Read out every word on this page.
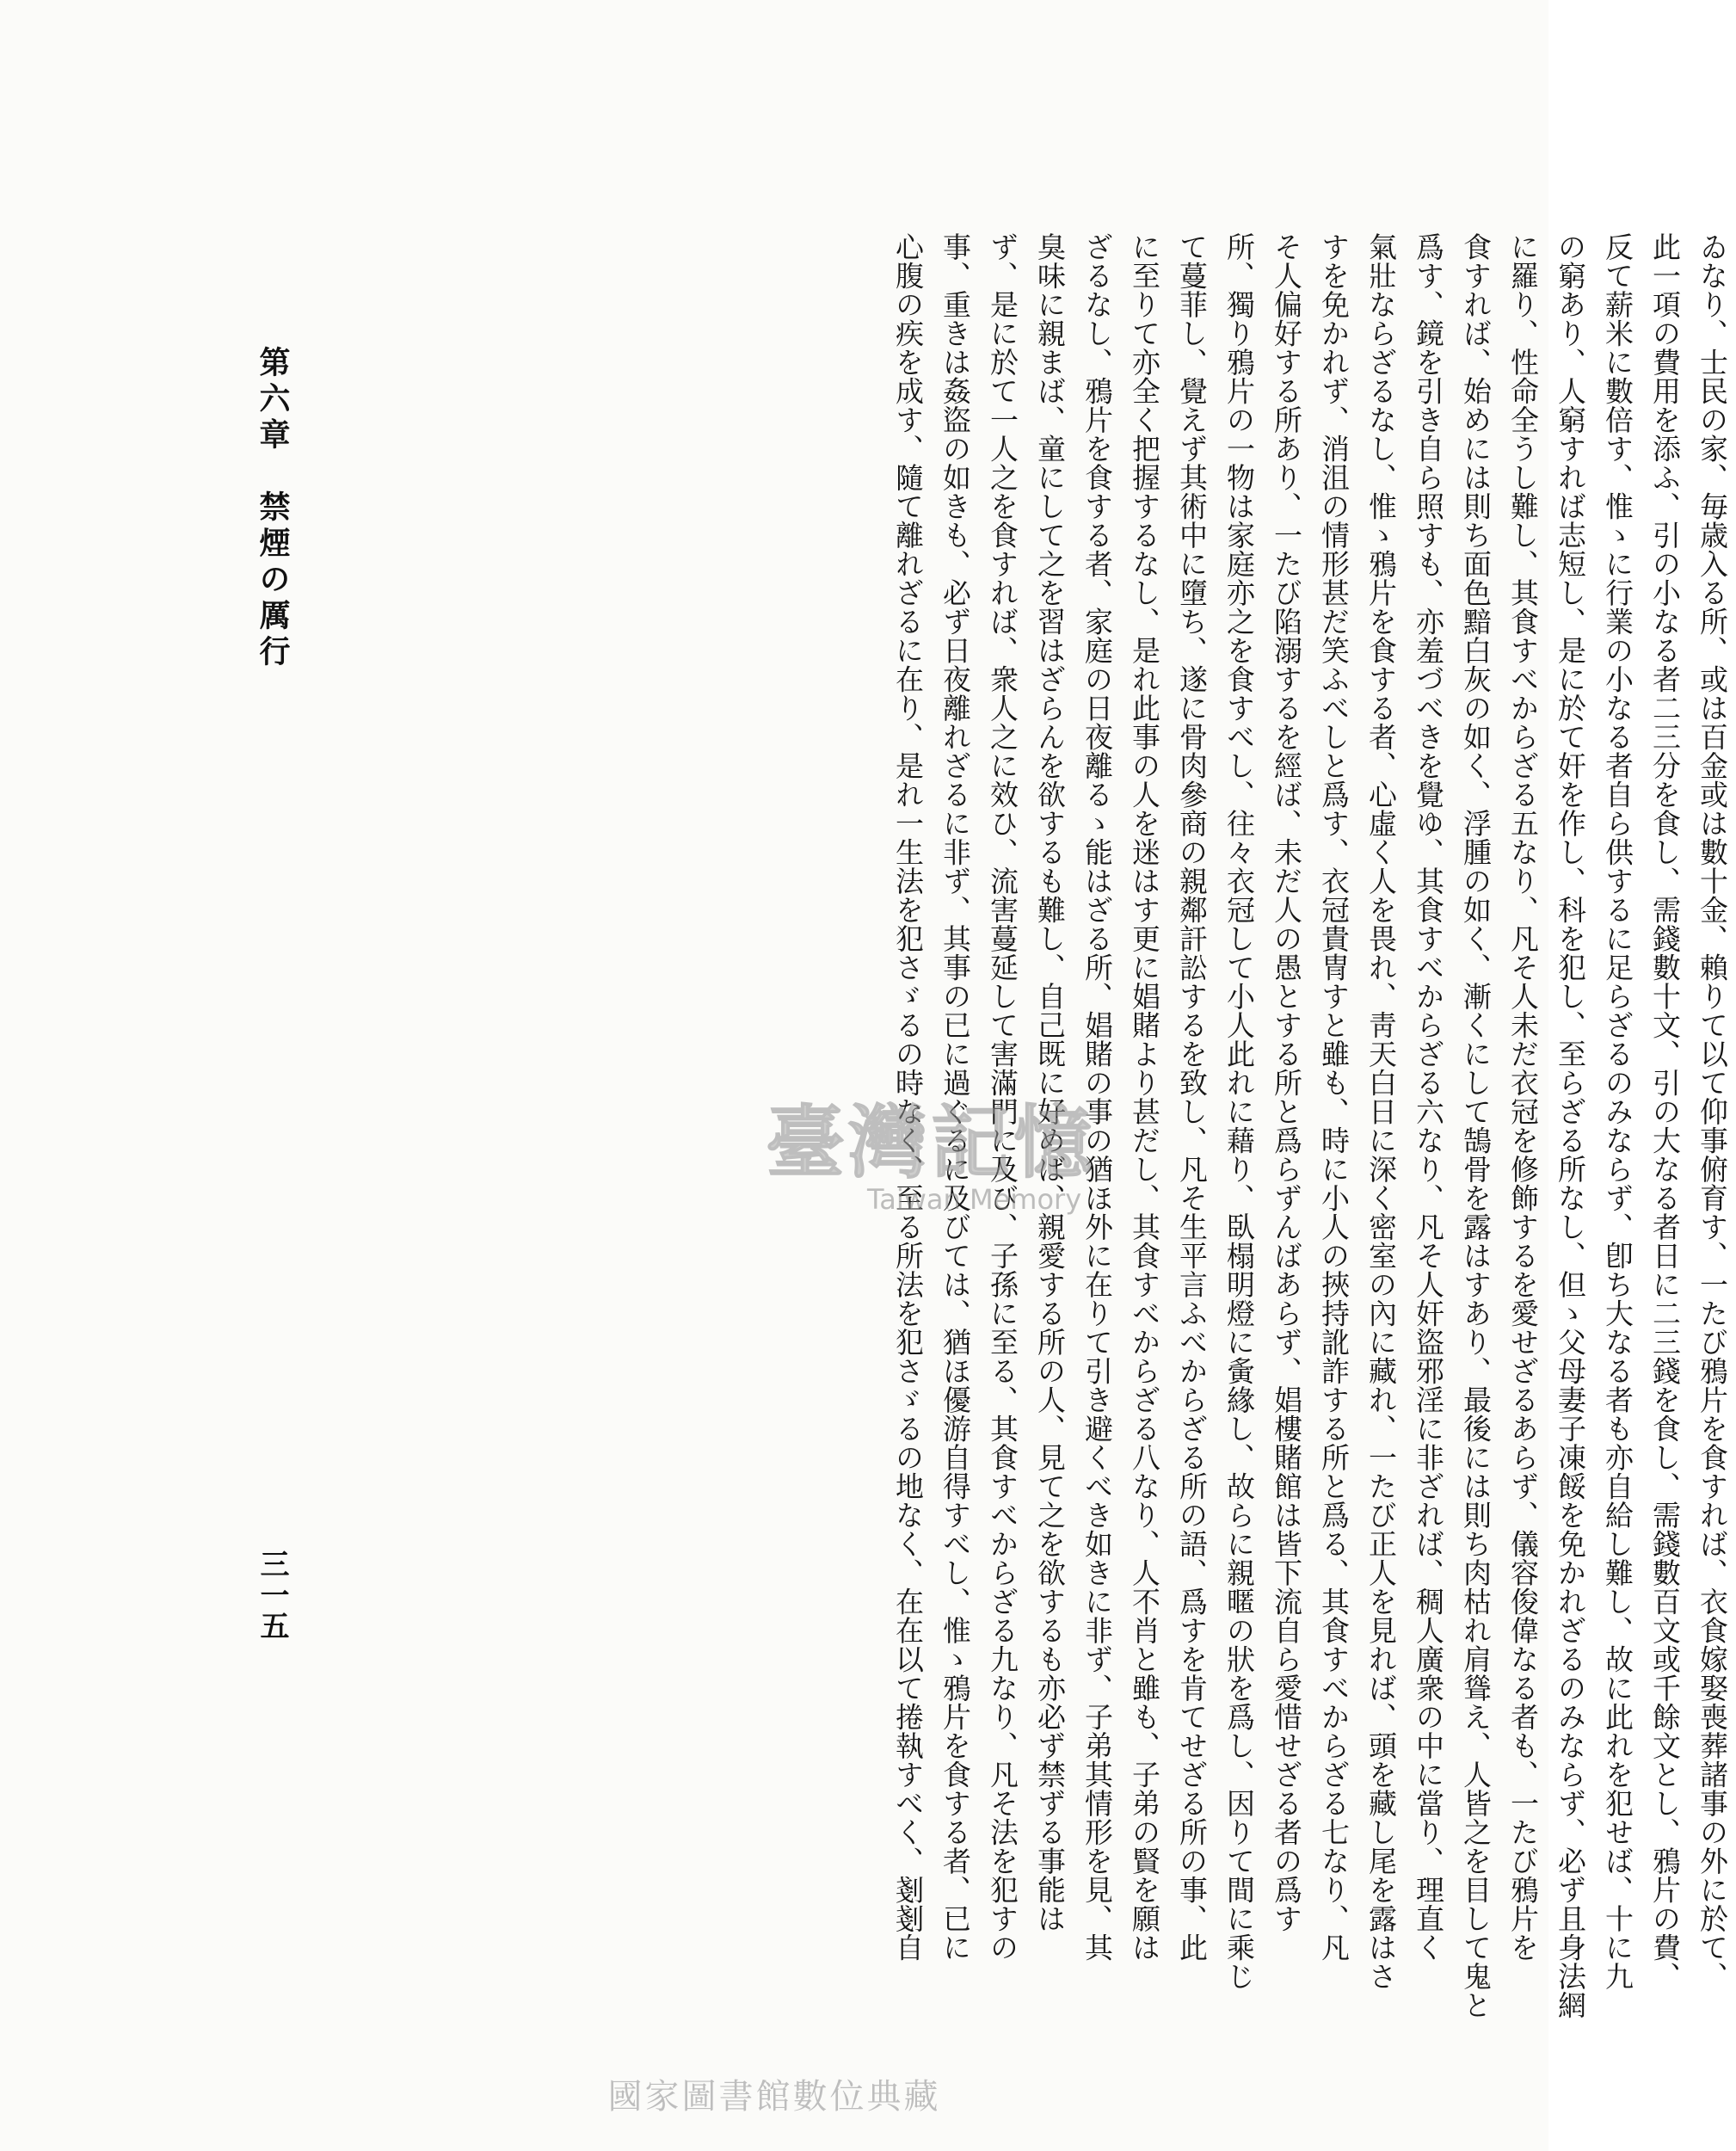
ゐなり、士民の家、毎歳入る所、或は百金或は數十金、賴りて以て仰事俯育す、一たび鴉片を食すれば、衣食嫁娶喪葬諸事の外に於て、
此一項の費用を添ふ、引の小なる者二三分を食し、需錢數十文、引の大なる者日に二三錢を食し、需錢數百文或千餘文とし、鴉片の費、
反て薪米に數倍す、惟ゝに行業の小なる者自ら供するに足らざるのみならず、卽ち大なる者も亦自給し難し、故に此れを犯せば、十に九
の窮あり、人窮すれば志短し、是に於て奸を作し、科を犯し、至らざる所なし、但ゝ父母妻子凍餒を免かれざるのみならず、必ず且身法網
に羅り、性命全うし難し、其食すべからざる五なり、凡そ人未だ衣冠を修飾するを愛せざるあらず、儀容俊偉なる者も、一たび鴉片を
食すれば、始めには則ち面色黯白灰の如く、浮腫の如く、漸くにして鵠骨を露はすあり、最後には則ち肉枯れ肩聳え、人皆之を目して鬼と
爲す、鏡を引き自ら照すも、亦羞づべきを覺ゆ、其食すべからざる六なり、凡そ人奸盜邪淫に非ざれば、稠人廣衆の中に當り、理直く
氣壯ならざるなし、惟ゝ鴉片を食する者、心虛く人を畏れ、靑天白日に深く密室の內に藏れ、一たび正人を見れば、頭を藏し尾を露はさ
すを免かれず、消沮の情形甚だ笑ふべしと爲す、衣冠貴冑すと雖も、時に小人の挾持訛詐する所と爲る、其食すべからざる七なり、凡
そ人偏好する所あり、一たび陷溺するを經ば、未だ人の愚とする所と爲らずんばあらず、娼樓賭館は皆下流自ら愛惜せざる者の爲す
所、獨り鴉片の一物は家庭亦之を食すべし、往々衣冠して小人此れに藉り、臥榻明燈に夤緣し、故らに親暱の狀を爲し、因りて間に乘じ
て蔓菲し、覺えず其術中に墮ち、遂に骨肉參商の親鄰訐訟するを致し、凡そ生平言ふべからざる所の語、爲すを肯てせざる所の事、此
に至りて亦全く把握するなし、是れ此事の人を迷はす更に娼賭より甚だし、其食すべからざる八なり、人不肖と雖も、子弟の賢を願は
ざるなし、鴉片を食する者、家庭の日夜離るゝ能はざる所、娼賭の事の猶ほ外に在りて引き避くべき如きに非ず、子弟其情形を見、其
臭味に親まば、童にして之を習はざらんを欲するも難し、自己既に好めば、親愛する所の人、見て之を欲するも亦必ず禁ずる事能は
ず、是に於て一人之を食すれば、衆人之に效ひ、流害蔓延して害滿門に及び、子孫に至る、其食すべからざる九なり、凡そ法を犯すの
事、重きは姦盜の如きも、必ず日夜離れざるに非ず、其事の已に過ぐるに及びては、猶ほ優游自得すべし、惟ゝ鴉片を食する者、已に
心腹の疾を成す、隨て離れざるに在り、是れ一生法を犯さゞるの時なく、至る所法を犯さゞるの地なく、在在以て捲執すべく、剗剗自
第六章　禁煙の厲行
三一五
臺灣記憶
Taiwan Memory
國家圖書館數位典藏
